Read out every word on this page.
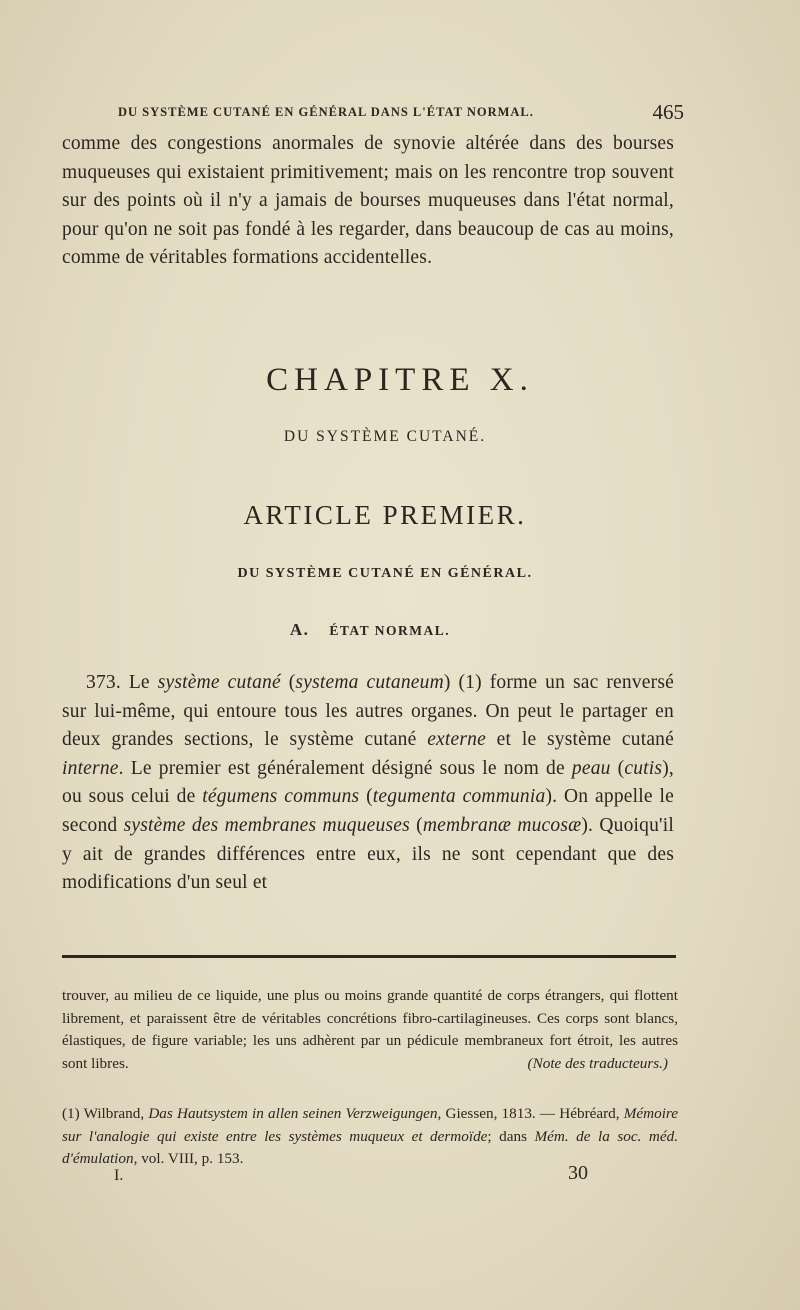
DU SYSTÈME CUTANÉ EN GÉNÉRAL DANS L'ÉTAT NORMAL.	465

comme des congestions anormales de synovie altérée dans des bourses muqueuses qui existaient primitivement; mais on les rencontre trop souvent sur des points où il n'y a jamais de bourses muqueuses dans l'état normal, pour qu'on ne soit pas fondé à les regarder, dans beaucoup de cas au moins, comme de véritables formations accidentelles.

CHAPITRE X.
DU SYSTÈME CUTANÉ.
ARTICLE PREMIER.
DU SYSTÈME CUTANÉ EN GÉNÉRAL.
A. ÉTAT NORMAL.

373. Le système cutané (systema cutaneum) (1) forme un sac renversé sur lui-même, qui entoure tous les autres organes. On peut le partager en deux grandes sections, le système cutané externe et le système cutané interne. Le premier est généralement désigné sous le nom de peau (cutis), ou sous celui de tégumens communs (tegumenta communia). On appelle le second système des membranes muqueuses (membranæ mucosæ). Quoiqu'il y ait de grandes différences entre eux, ils ne sont cependant que des modifications d'un seul et

trouver, au milieu de ce liquide, une plus ou moins grande quantité de corps étrangers, qui flottent librement, et paraissent être de véritables concrétions fibro-cartilagineuses. Ces corps sont blancs, élastiques, de figure variable; les uns adhèrent par un pédicule membraneux fort étroit, les autres sont libres.	(Note des traducteurs.)

(1) Wilbrand, Das Hautsystem in allen seinen Verzweigungen, Giessen, 1813. — Hébréard, Mémoire sur l'analogie qui existe entre les systèmes muqueux et dermoïde; dans Mém. de la soc. méd. d'émulation, vol. VIII, p. 153.

I.	30
